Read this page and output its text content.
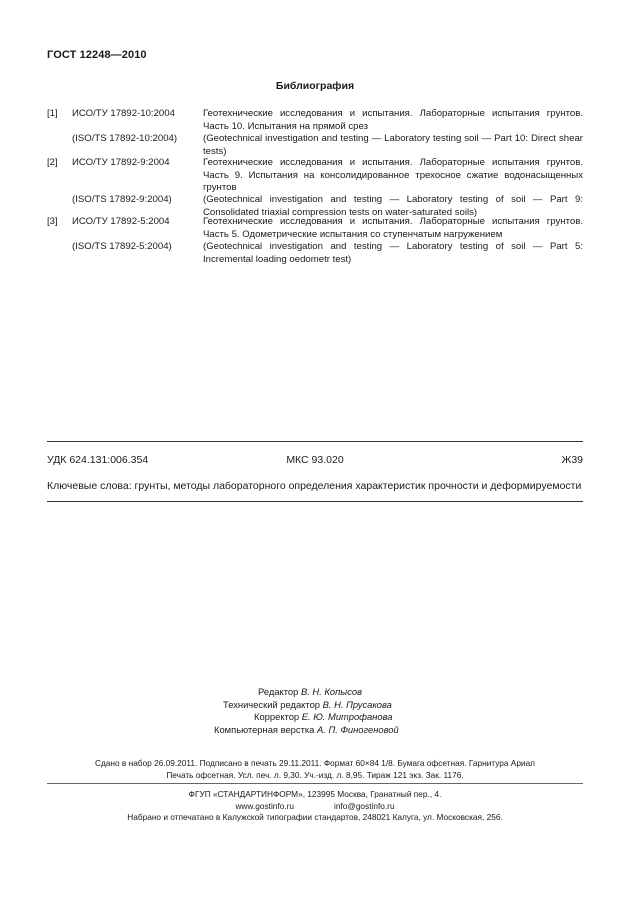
ГОСТ 12248—2010
Библиография
[1] ИСО/ТУ 17892-10:2004	Геотехнические исследования и испытания. Лабораторные испытания грунтов. Часть 10. Испытания на прямой срез
(ISO/TS 17892-10:2004)	(Geotechnical investigation and testing — Laboratory testing soil — Part 10: Direct shear tests)
[2] ИСО/ТУ 17892-9:2004	Геотехнические исследования и испытания. Лабораторные испытания грунтов. Часть 9. Испытания на консолидированное трехосное сжатие водонасыщенных грунтов
(ISO/TS 17892-9:2004)	(Geotechnical investigation and testing — Laboratory testing of soil — Part 9: Consolidated triaxial compression tests on water-saturated soils)
[3] ИСО/ТУ 17892-5:2004	Геотехнические исследования и испытания. Лабораторные испытания грунтов. Часть 5. Одометрические испытания со ступенчатым нагружением
(ISO/TS 17892-5:2004)	(Geotechnical investigation and testing — Laboratory testing of soil — Part 5: Incremental loading oedometr test)
УДК 624.131:006.354	МКС 93.020	Ж39
Ключевые слова: грунты, методы лабораторного определения характеристик прочности и деформируемости
Редактор В. Н. Копысов
Технический редактор В. Н. Прусакова
Корректор Е. Ю. Митрофанова
Компьютерная верстка А. П. Финогеновой
Сдано в набор 26.09.2011. Подписано в печать 29.11.2011. Формат 60×84 1/8. Бумага офсетная. Гарнитура Ариал
Печать офсетная. Усл. печ. л. 9,30. Уч.-изд. л. 8,95. Тираж 121 экз. Зак. 1176.
ФГУП «СТАНДАРТИНФОРМ», 123995 Москва, Гранатный пер., 4.
www.gostinfo.ru	info@gostinfo.ru
Набрано и отпечатано в Калужской типографии стандартов, 248021 Калуга, ул. Московская, 256.
